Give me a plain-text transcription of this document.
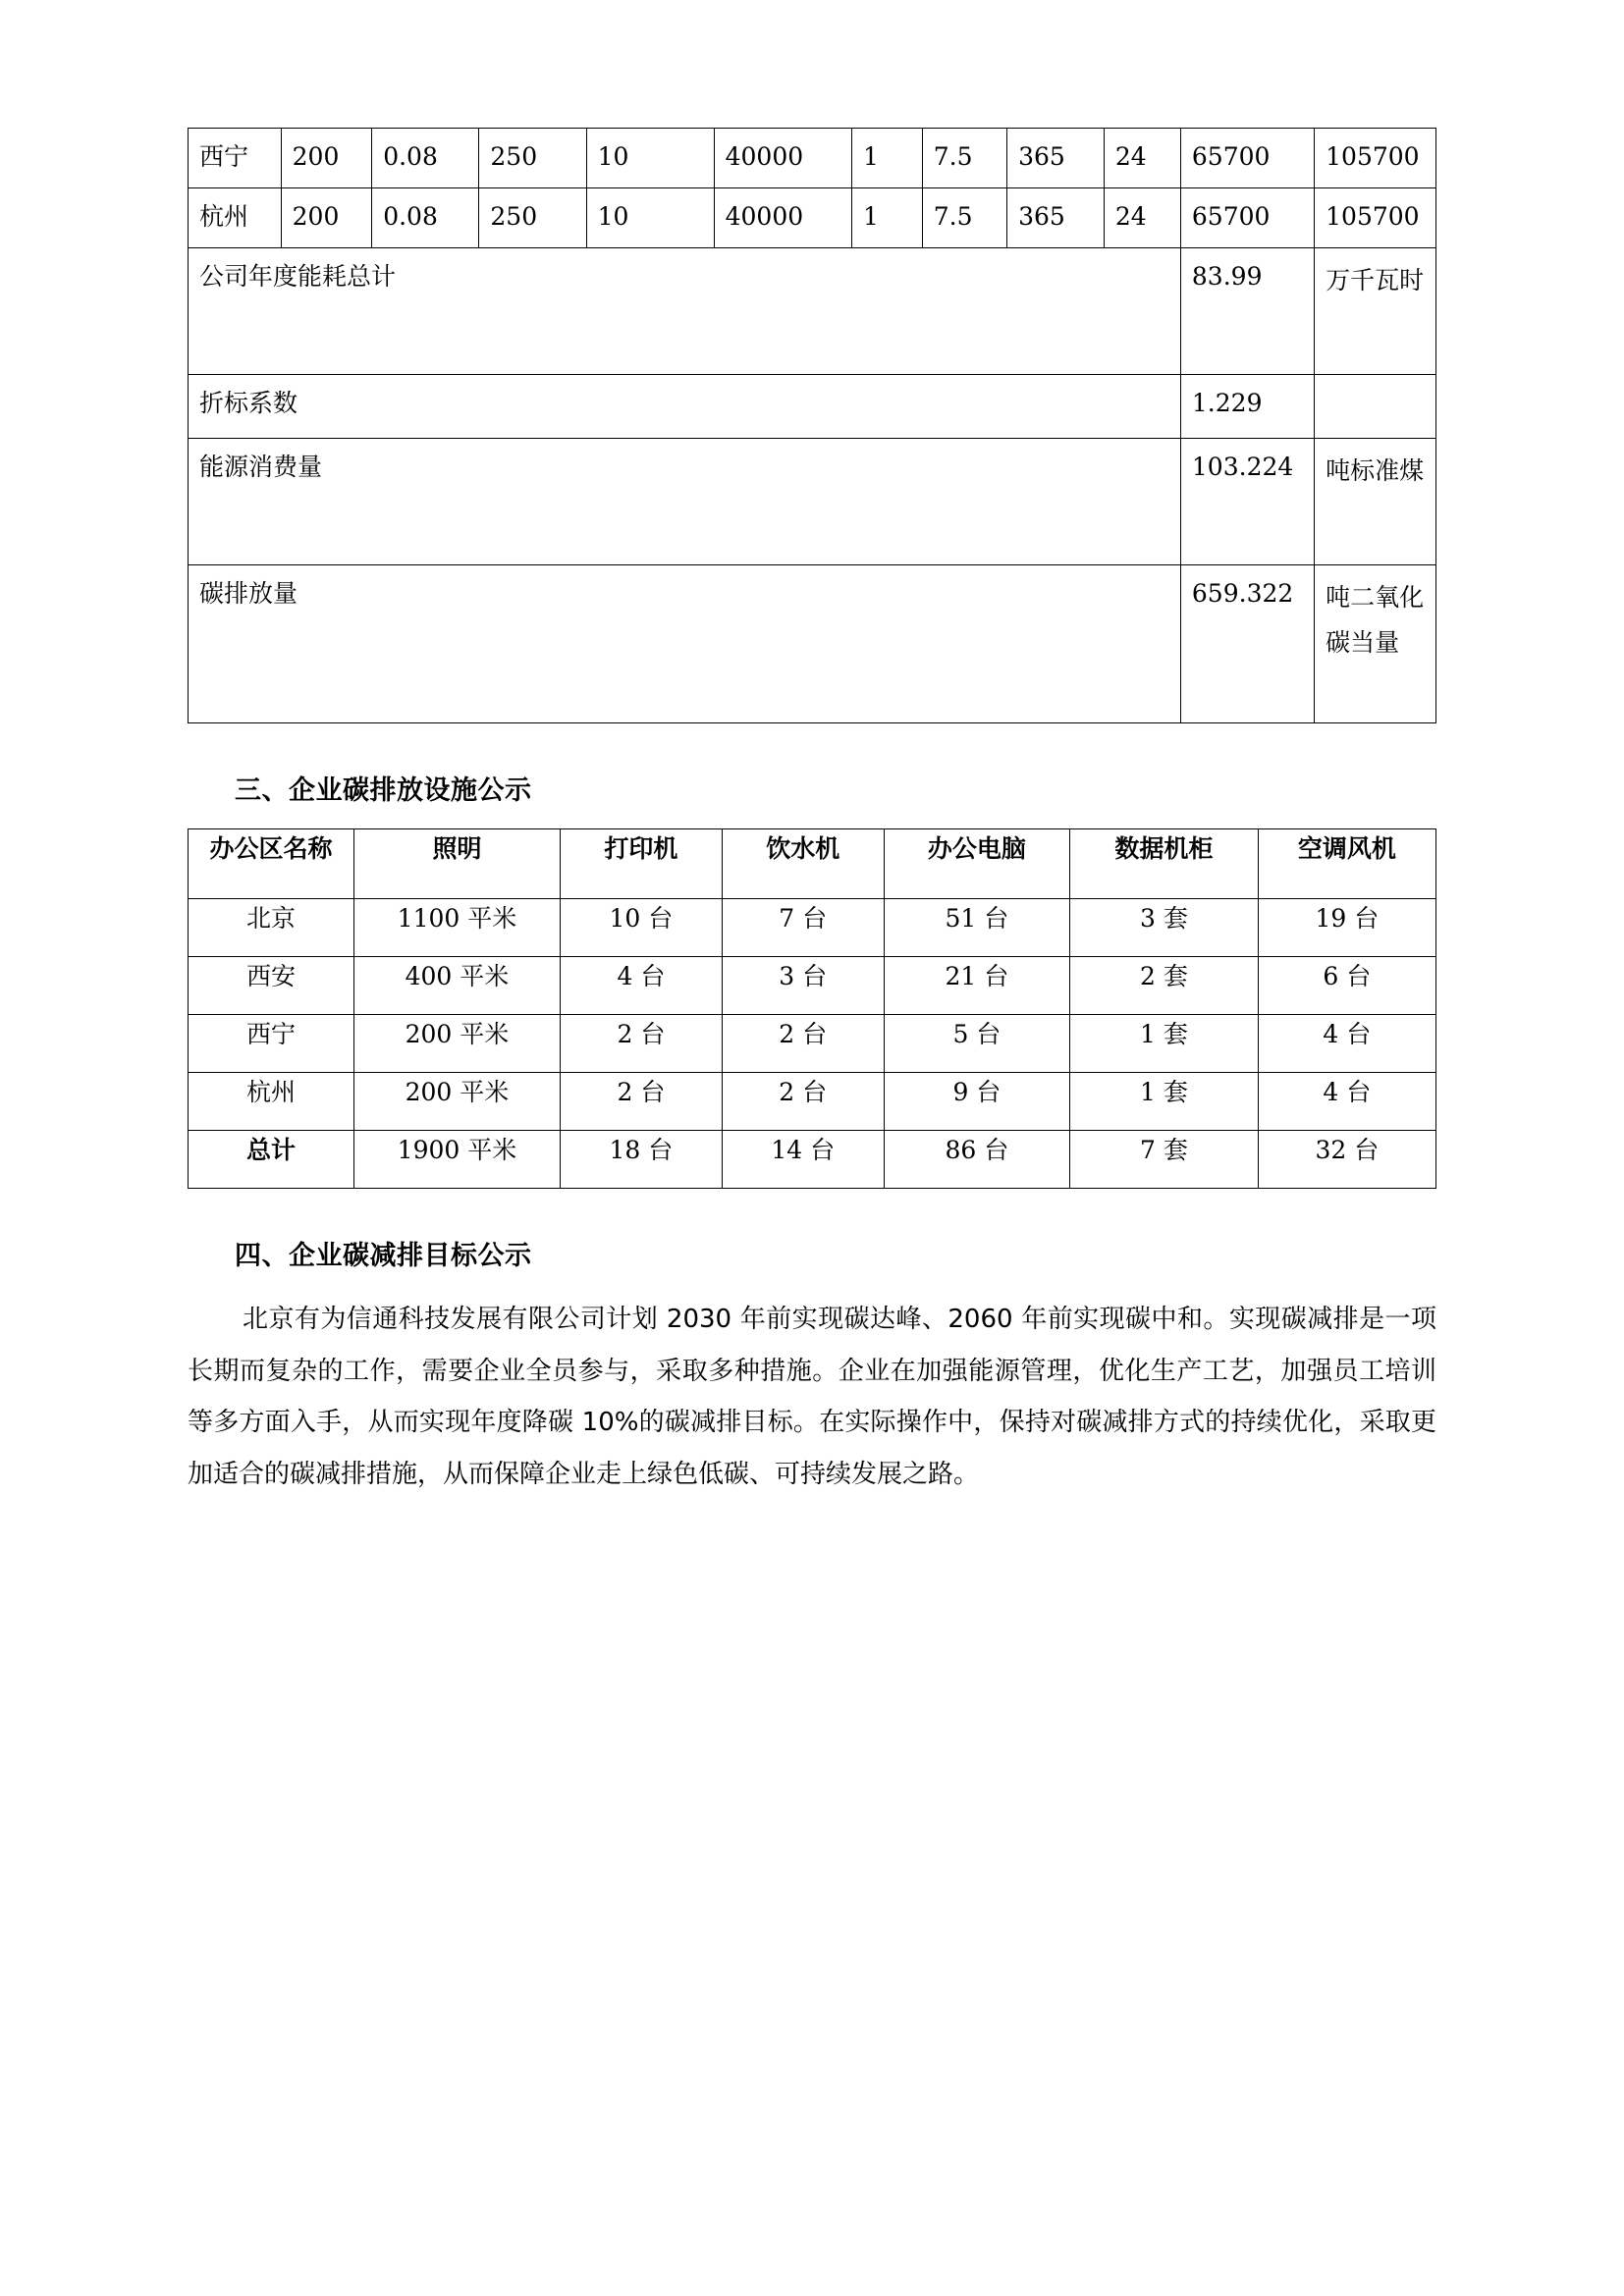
西宁	200	0.08	250	10	40000	1	7.5	365	24	65700	105700
杭州	200	0.08	250	10	40000	1	7.5	365	24	65700	105700
公司年度能耗总计										83.99	万千瓦时
折标系数										1.229	
能源消费量										103.224	吨标准煤
碳排放量										659.322	吨二氧化碳当量
三、企业碳排放设施公示
办公区名称	照明	打印机	饮水机	办公电脑	数据机柜	空调风机
北京	1100 平米	10 台	7 台	51 台	3 套	19 台
西安	400 平米	4 台	3 台	21 台	2 套	6 台
西宁	200 平米	2 台	2 台	5 台	1 套	4 台
杭州	200 平米	2 台	2 台	9 台	1 套	4 台
总计	1900 平米	18 台	14 台	86 台	7 套	32 台
四、企业碳减排目标公示

北京有为信通科技发展有限公司计划 2030 年前实现碳达峰、2060 年前实现碳中和。实现碳减排是一项长期而复杂的工作，需要企业全员参与，采取多种措施。企业在加强能源管理，优化生产工艺，加强员工培训等多方面入手，从而实现年度降碳 10%的碳减排目标。在实际操作中，保持对碳减排方式的持续优化，采取更加适合的碳减排措施，从而保障企业走上绿色低碳、可持续发展之路。
